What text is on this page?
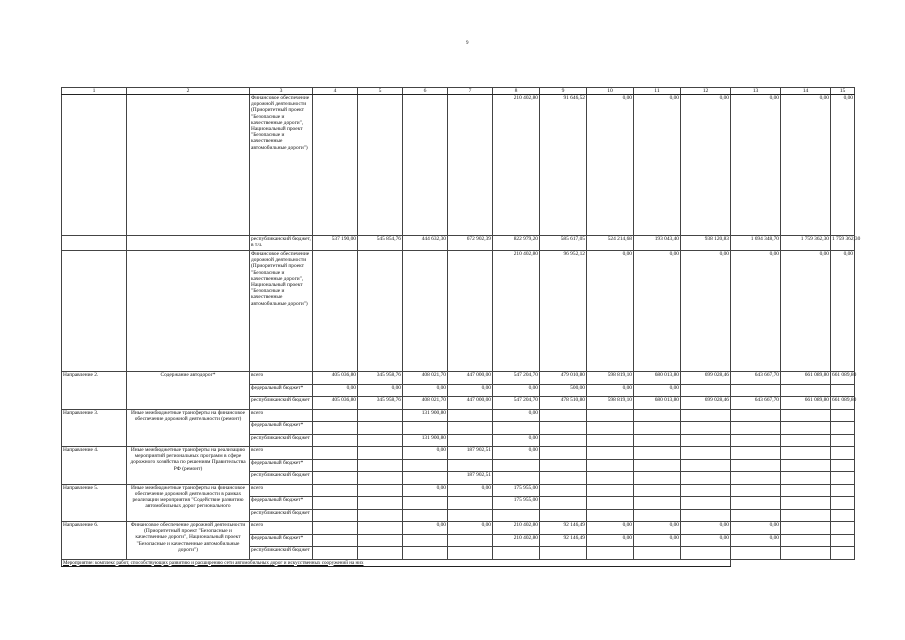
9
1	2	3	4	5	6	7	8	9	10	11	12	13	14	15
		Финансовое обеспечение дорожной деятельности (Приоритетный проект "Безопасные и качественные дороги", Национальный проект "Безопасные и качественные автомобильные дороги")					210 402,80	91 646,52	0,00	0,00	0,00	0,00	0,00	0,00
		республиканский бюджет, в т.ч.	537 190,00	545 854,76	444 632,30	672 902,39	822 979,20	585 617,05	524 214,68	193 043,40	938 120,83	1 694 348,70	1 759 362,30	1 759 362,30
		Финансовое обеспечение дорожной деятельности (Приоритетный проект "Безопасные и качественные дороги", Национальный проект "Безопасные и качественные автомобильные дороги")					210 402,80	96 952,12	0,00	0,00	0,00	0,00	0,00	0,00
Направление 2.	Содержание автодорог*	всего	405 036,80	345 958,76	408 021,70	447 000,00	547 204,70	479 010,80	598 819,10	680 013,80	699 028,46	643 667,70	661 089,80	661 089,80
		федеральный бюджет*	0,00	0,00	0,00	0,00	0,00	500,00	0,00	0,00				
		республиканский бюджет	405 036,80	345 958,76	408 021,70	447 000,00	547 204,70	478 510,80	598 819,10	680 013,80	699 028,46	643 667,70	661 089,80	661 089,80
Направление 3.	Иные межбюджетные трансферты на финансовое обеспечение дорожной деятельности (ремонт)	всего			131 900,80		0,00							
		федеральный бюджет*												
		республиканский бюджет			131 900,80		0,00							
Направление 4.	Иные межбюджетные трансферты на реализацию мероприятий региональных программ в сфере дорожного хозяйства по решениям Правительства РФ (ремонт)	всего			0,00	187 902,51	0,00							
		федеральный бюджет*												
		республиканский бюджет				187 902,51								
Направление 5.	Иные межбюджетные трансферты на финансовое обеспечение дорожной деятельности в рамках реализации мероприятия "Содействие развитию автомобильных дорог регионального	всего			0,00	0,00	175 955,00							
		федеральный бюджет*					175 955,00							
		республиканский бюджет												
Направление 6.	Финансовое обеспечение дорожной деятельности (Приоритетный проект "Безопасные и качественные дороги", Национальный проект "Безопасные и качественные автомобильные дороги")	всего			0,00	0,00	210 402,80	92 146,49	0,00	0,00	0,00	0,00		
		федеральный бюджет*					210 402,80	92 146,49	0,00	0,00	0,00	0,00		
		республиканский бюджет												
Мероприятие: комплекс работ, способствующих развитию и расширению сети автомобильных дорог и искусственных сооружений на них														
